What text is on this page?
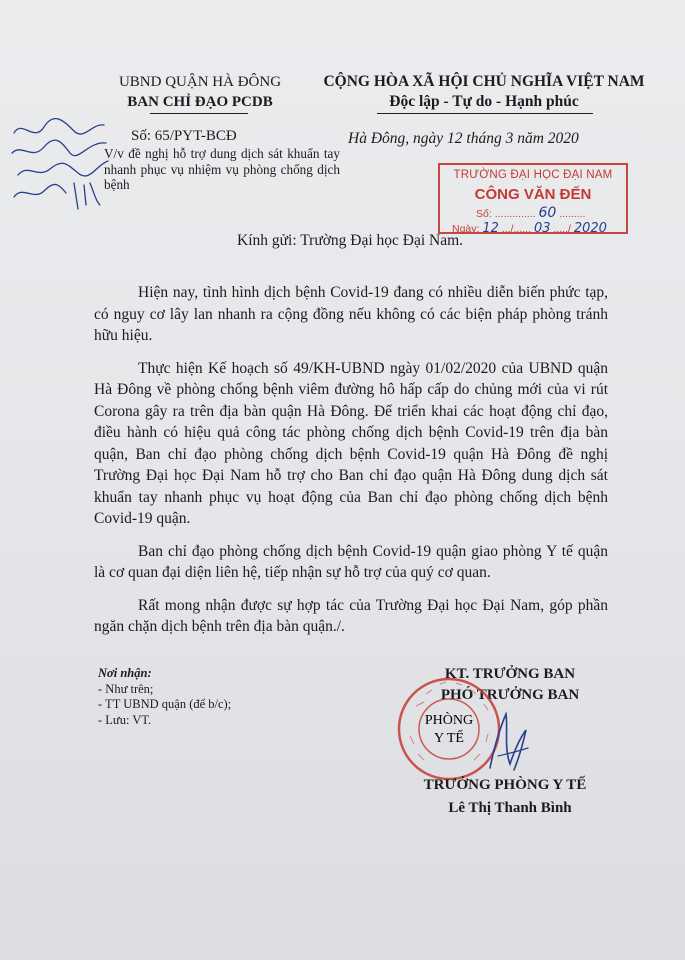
UBND QUẬN HÀ ĐÔNG
BAN CHỈ ĐẠO PCDB
CỘNG HÒA XÃ HỘI CHỦ NGHĨA VIỆT NAM
Độc lập - Tự do - Hạnh phúc
Số: 65/PYT-BCĐ
V/v đề nghị hỗ trợ dung dịch sát khuẩn tay nhanh phục vụ nhiệm vụ phòng chống dịch bệnh
Hà Đông, ngày 12 tháng 3 năm 2020
TRƯỜNG ĐẠI HỌC ĐẠI NAM
CÔNG VĂN ĐẾN
Số: .............. 60 .........
Ngày: 12 .../...... 03 ...../ 2020
Kính gửi: Trường Đại học Đại Nam.

Hiện nay, tình hình dịch bệnh Covid-19 đang có nhiều diễn biến phức tạp, có nguy cơ lây lan nhanh ra cộng đồng nếu không có các biện pháp phòng tránh hữu hiệu.

Thực hiện Kế hoạch số 49/KH-UBND ngày 01/02/2020 của UBND quận Hà Đông về phòng chống bệnh viêm đường hô hấp cấp do chủng mới của vi rút Corona gây ra trên địa bàn quận Hà Đông. Để triển khai các hoạt động chỉ đạo, điều hành có hiệu quả công tác phòng chống dịch bệnh Covid-19 trên địa bàn quận, Ban chỉ đạo phòng chống dịch bệnh Covid-19 quận Hà Đông đề nghị Trường Đại học Đại Nam hỗ trợ cho Ban chỉ đạo quận Hà Đông dung dịch sát khuẩn tay nhanh phục vụ hoạt động của Ban chỉ đạo phòng chống dịch bệnh Covid-19 quận.

Ban chỉ đạo phòng chống dịch bệnh Covid-19 quận giao phòng Y tế quận là cơ quan đại diện liên hệ, tiếp nhận sự hỗ trợ của quý cơ quan.

Rất mong nhận được sự hợp tác của Trường Đại học Đại Nam, góp phần ngăn chặn dịch bệnh trên địa bàn quận./.

Nơi nhận:
- Như trên;
- TT UBND quận (để b/c);
- Lưu: VT.
KT. TRƯỞNG BAN
PHÓ TRƯỞNG BAN
PHÒNG
Y TẾ
TRƯỞNG PHÒNG Y TẾ
Lê Thị Thanh Bình
